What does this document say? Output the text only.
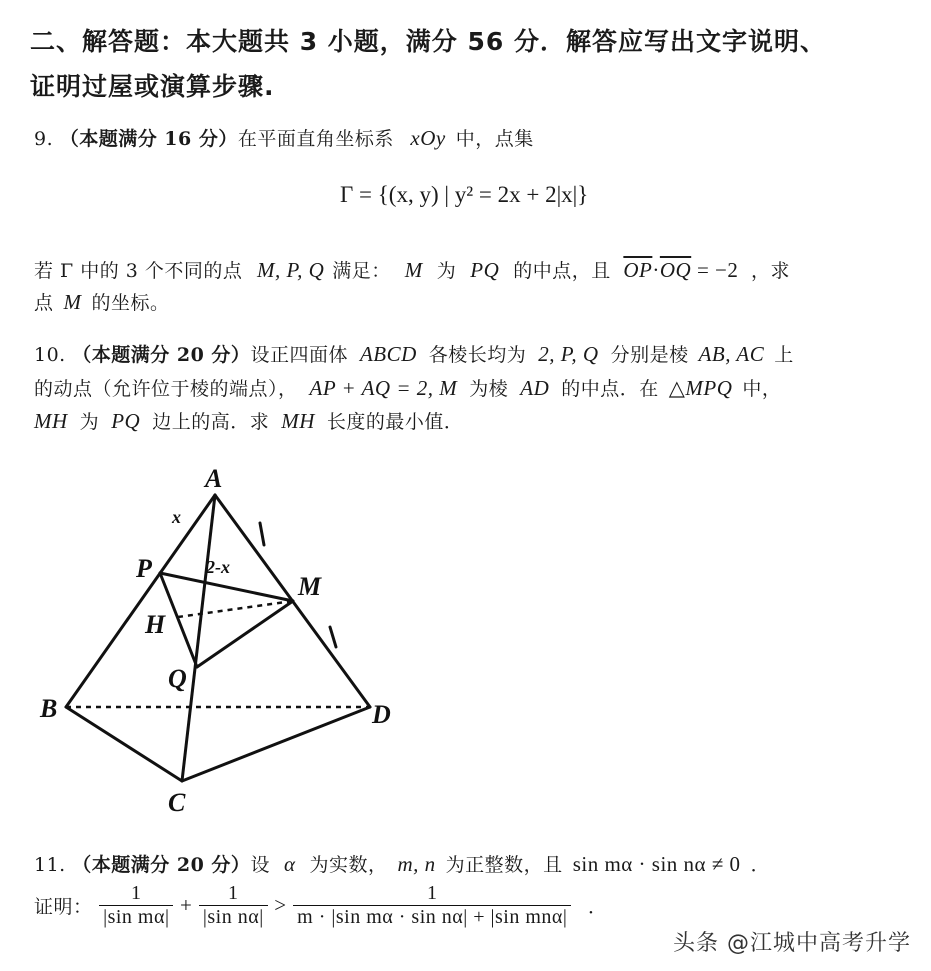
二、解答题：本大题共 3 小题，满分 56 分．解答应写出文字说明、
证明过屋或演算步骤.
9. （本题满分 16 分）在平面直角坐标系 xOy 中，点集
Γ = {(x, y) | y² = 2x + 2|x|}
若 Γ 中的 3 个不同的点 M, P, Q 满足： M 为 PQ 的中点，且 $\overline{OP}\cdot\overline{OQ} = -2$ ，求
点 M 的坐标。
10. （本题满分 20 分）设正四面体 ABCD 各棱长均为 2, P, Q 分别是棱 AB, AC 上
的动点（允许位于棱的端点）， AP + AQ = 2, M 为棱 AD 的中点．在 △MPQ 中，
MH 为 PQ 边上的高．求 MH 长度的最小值．
A
B
C
D
P
Q
M
H
x
2-x
11. （本题满分 20 分）设 α 为实数， m, n 为正整数，且 sin mα · sin nα ≠ 0 ．
证明： $\frac{1}{\text{|sin mα|}} + \frac{1}{\text{|sin nα|}} > \frac{1}{\text{m · |sin mα · sin nα| + |sin mnα|}}$ ．
头条 @江城中高考升学
